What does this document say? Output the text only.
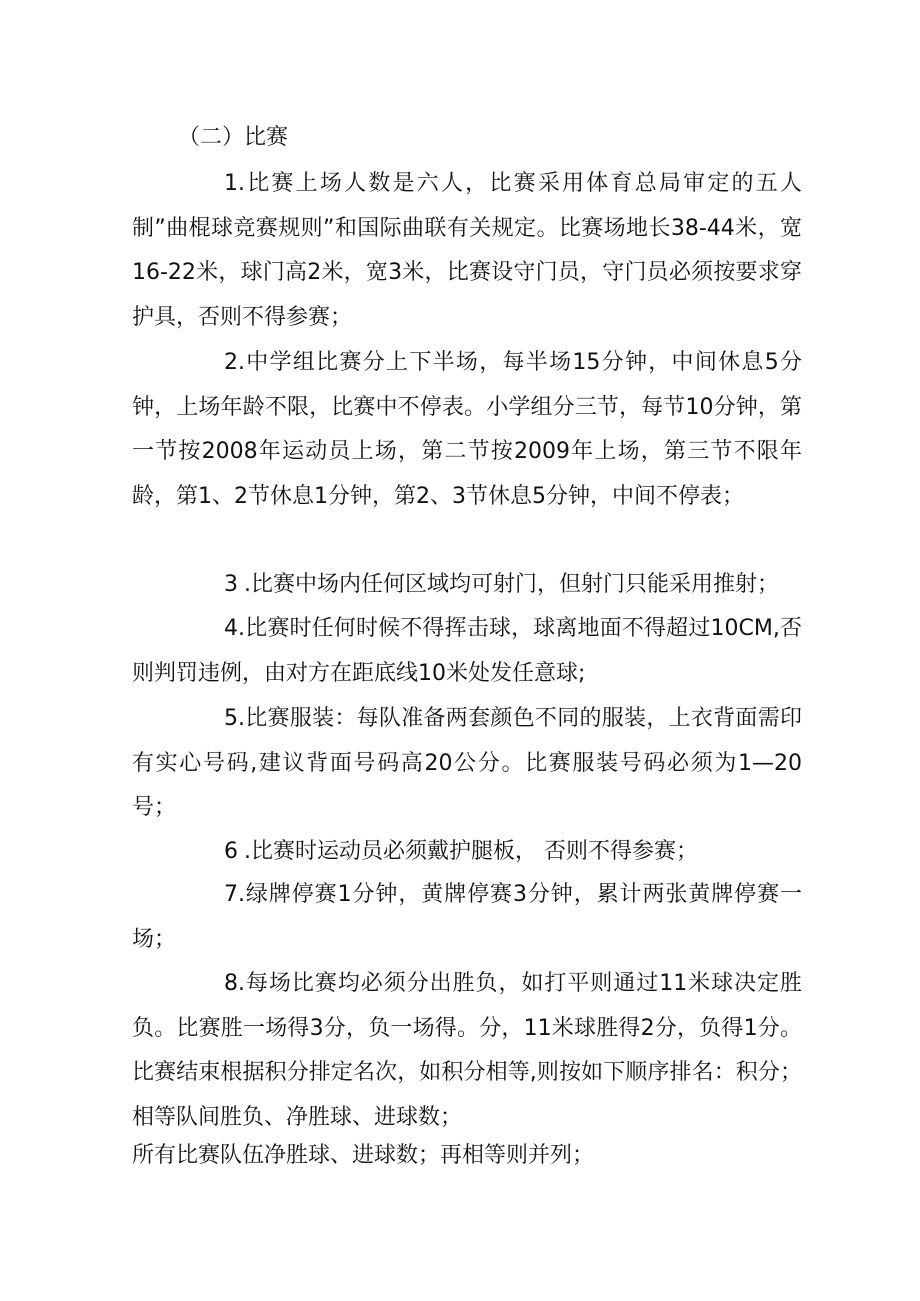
（二）比赛

1.比赛上场人数是六人，比赛采用体育总局审定的五人制”曲棍球竞赛规则”和国际曲联有关规定。比赛场地长38-44米，宽16-22米，球门高2米，宽3米，比赛设守门员，守门员必须按要求穿护具，否则不得参赛；

2.中学组比赛分上下半场，每半场15分钟，中间休息5分钟，上场年龄不限，比赛中不停表。小学组分三节，每节10分钟，第一节按2008年运动员上场，第二节按2009年上场，第三节不限年龄，第1、2节休息1分钟，第2、3节休息5分钟，中间不停表；

3 .比赛中场内任何区域均可射门，但射门只能采用推射；

4.比赛时任何时候不得挥击球，球离地面不得超过10CM,否则判罚违例，由对方在距底线10米处发任意球;

5.比赛服装：每队准备两套颜色不同的服装，上衣背面需印有实心号码,建议背面号码高20公分。比赛服装号码必须为1—20号；

6 .比赛时运动员必须戴护腿板， 否则不得参赛；

7.绿牌停赛1分钟，黄牌停赛3分钟，累计两张黄牌停赛一场；

8.每场比赛均必须分出胜负，如打平则通过11米球决定胜负。比赛胜一场得3分，负一场得。分，11米球胜得2分，负得1分。比赛结束根据积分排定名次，如积分相等,则按如下顺序排名：积分；相等队间胜负、净胜球、进球数；

所有比赛队伍净胜球、进球数；再相等则并列；
